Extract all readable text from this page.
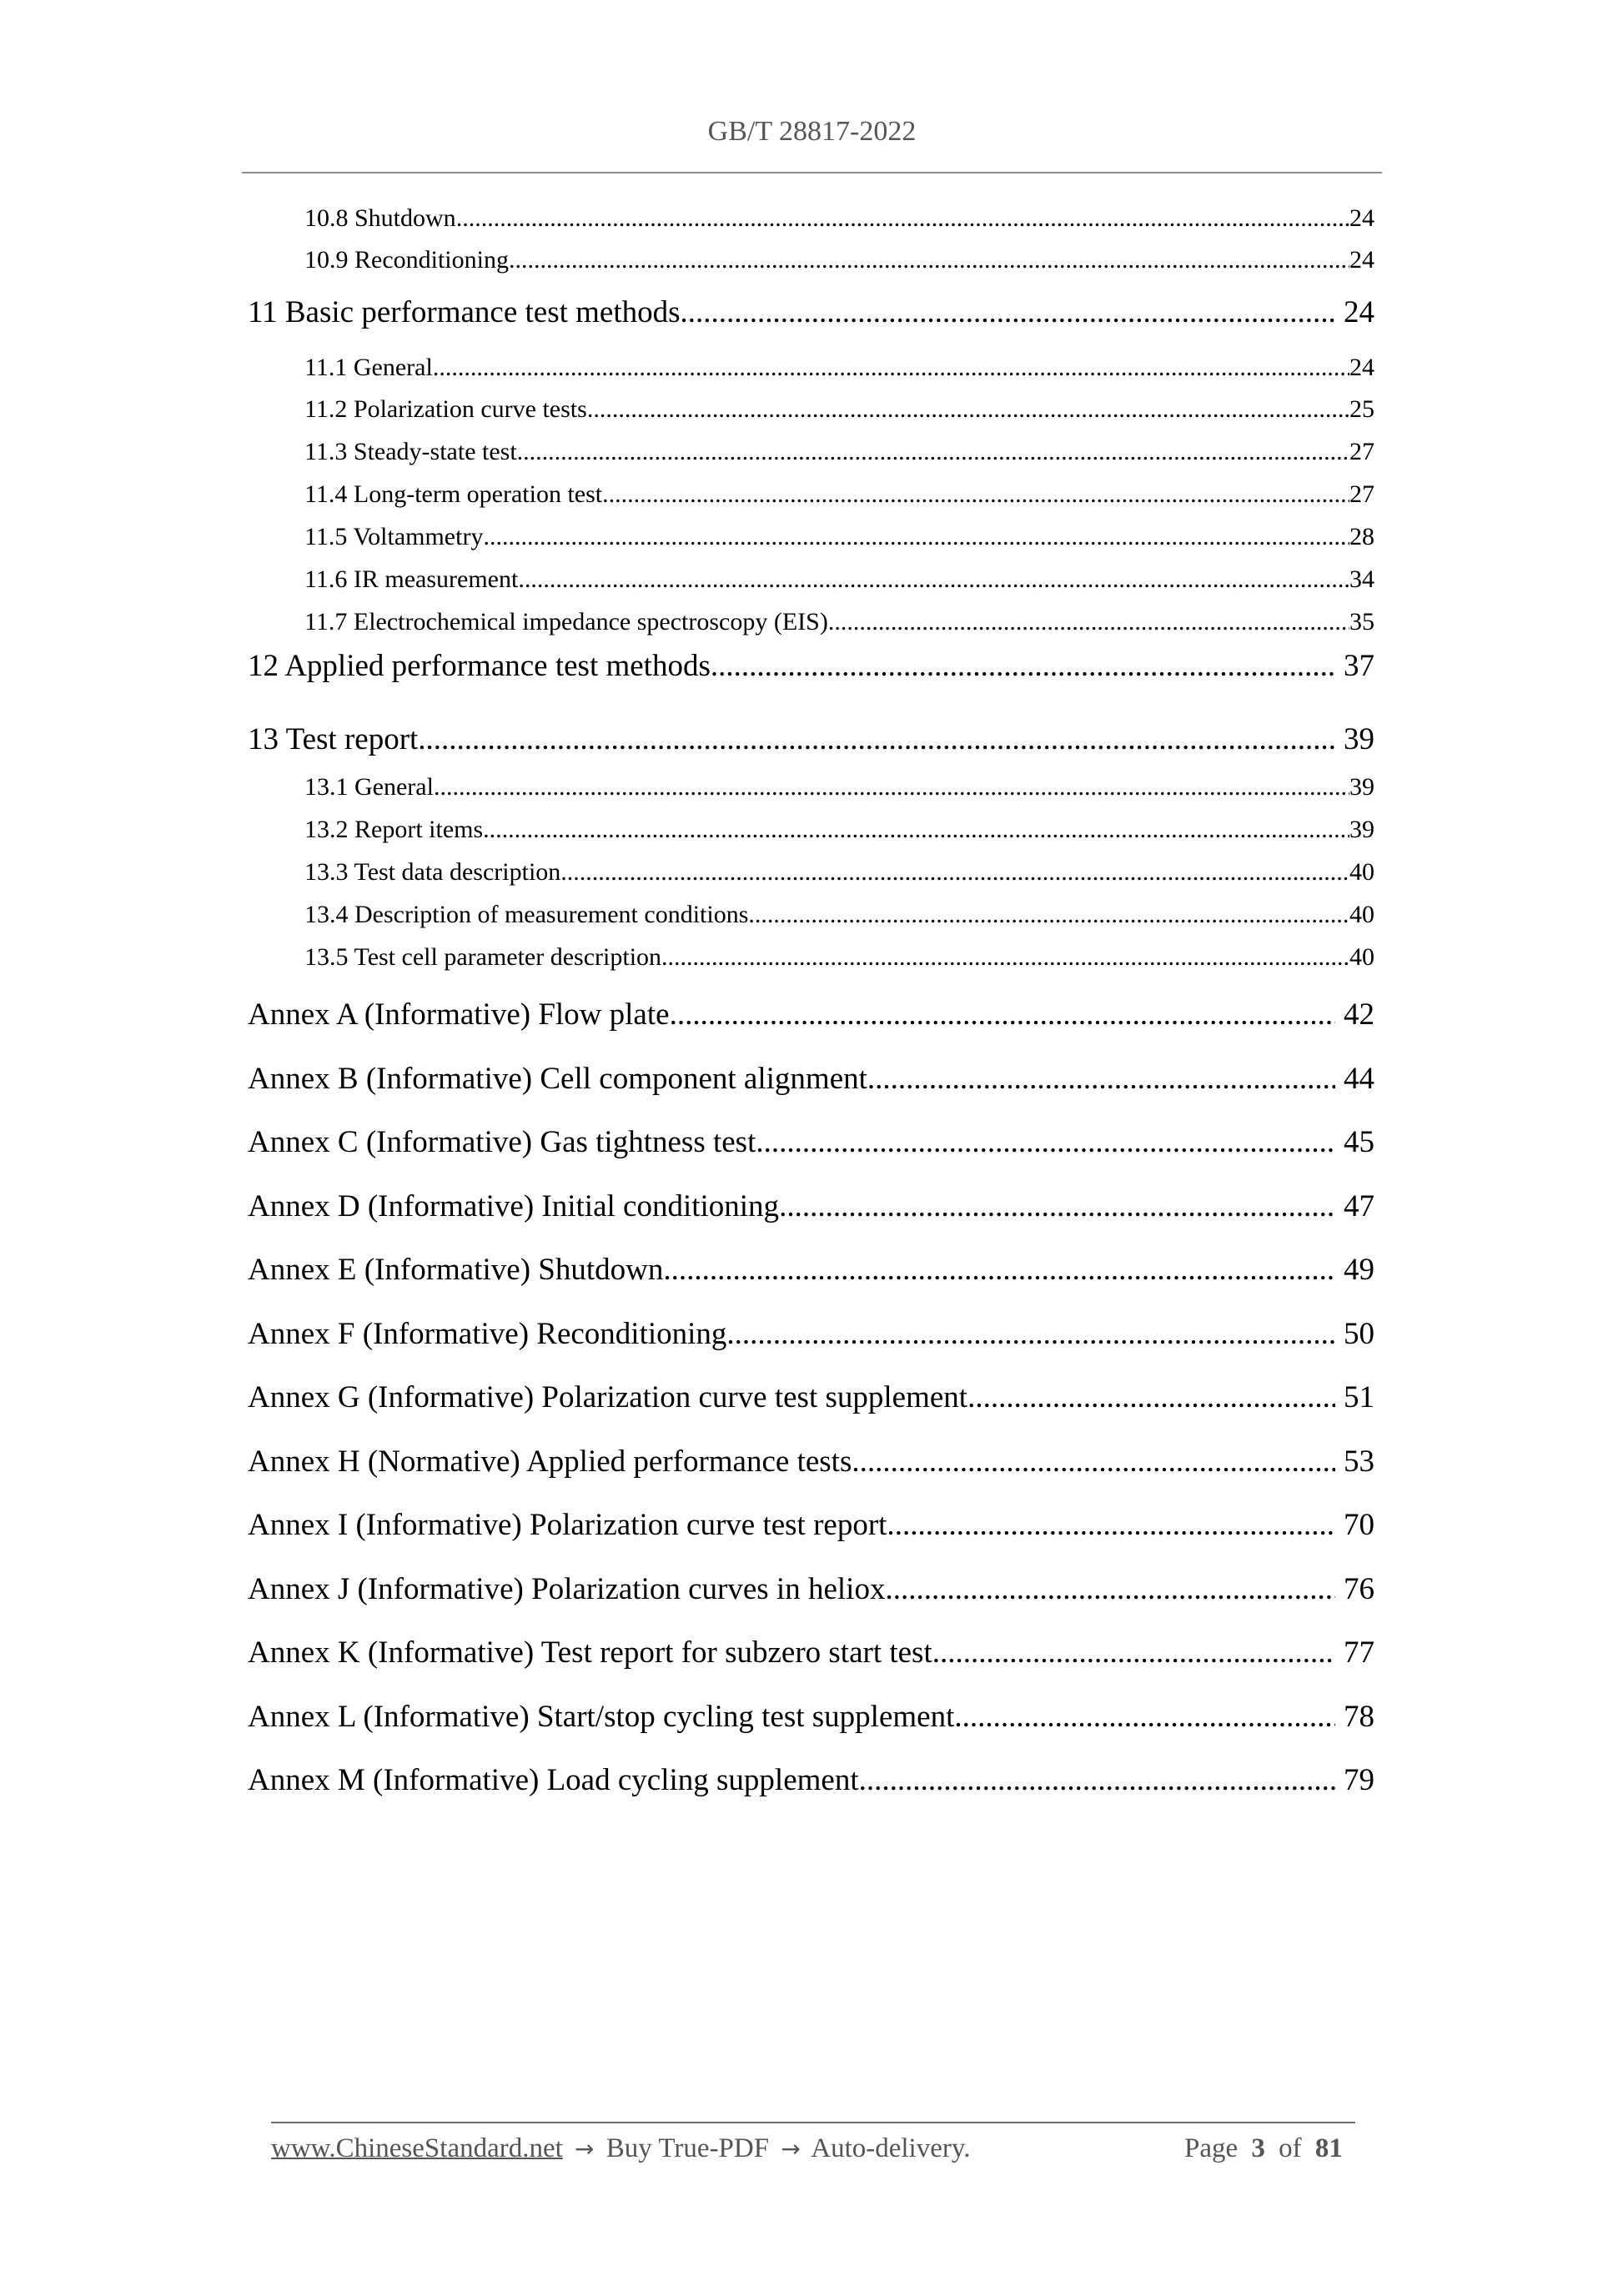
GB/T 28817-2022
10.8 Shutdown .....	24
10.9 Reconditioning .....	24
11 Basic performance test methods .....	24
11.1 General .....	24
11.2 Polarization curve tests .....	25
11.3 Steady-state test .....	27
11.4 Long-term operation test .....	27
11.5 Voltammetry .....	28
11.6 IR measurement .....	34
11.7 Electrochemical impedance spectroscopy (EIS) .....	35
12 Applied performance test methods .....	37
13 Test report .....	39
13.1 General .....	39
13.2 Report items .....	39
13.3 Test data description .....	40
13.4 Description of measurement conditions .....	40
13.5 Test cell parameter description .....	40
Annex A (Informative) Flow plate .....	42
Annex B (Informative) Cell component alignment .....	44
Annex C (Informative) Gas tightness test .....	45
Annex D (Informative) Initial conditioning .....	47
Annex E (Informative) Shutdown .....	49
Annex F (Informative) Reconditioning .....	50
Annex G (Informative) Polarization curve test supplement .....	51
Annex H (Normative) Applied performance tests .....	53
Annex I (Informative) Polarization curve test report .....	70
Annex J (Informative) Polarization curves in heliox .....	76
Annex K (Informative) Test report for subzero start test .....	77
Annex L (Informative) Start/stop cycling test supplement .....	78
Annex M (Informative) Load cycling supplement .....	79
www.ChineseStandard.net → Buy True-PDF → Auto-delivery.	Page 3 of 81
